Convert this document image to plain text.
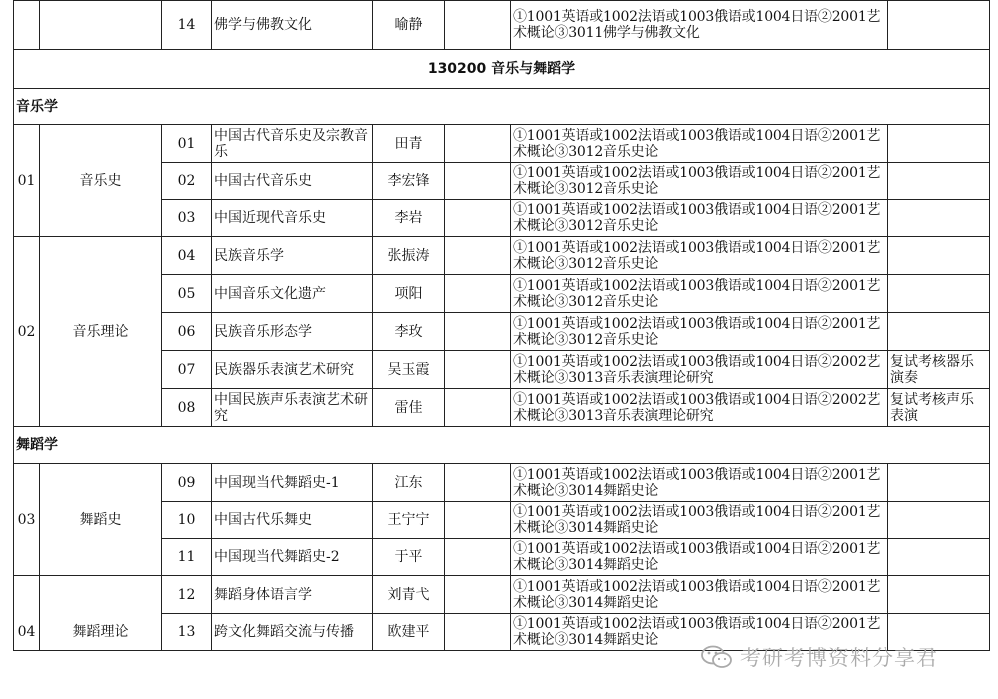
		14	佛学与佛教文化	喻静		①1001英语或1002法语或1003俄语或1004日语②2001艺术概论③3011佛学与佛教文化	
130200 音乐与舞蹈学							
音乐学							
01	音乐史	01	中国古代音乐史及宗教音乐	田青		①1001英语或1002法语或1003俄语或1004日语②2001艺术概论③3012音乐史论	
		02	中国古代音乐史	李宏锋		①1001英语或1002法语或1003俄语或1004日语②2001艺术概论③3012音乐史论	
		03	中国近现代音乐史	李岩		①1001英语或1002法语或1003俄语或1004日语②2001艺术概论③3012音乐史论	
02	音乐理论	04	民族音乐学	张振涛		①1001英语或1002法语或1003俄语或1004日语②2001艺术概论③3012音乐史论	
		05	中国音乐文化遗产	项阳		①1001英语或1002法语或1003俄语或1004日语②2001艺术概论③3012音乐史论	
		06	民族音乐形态学	李玫		①1001英语或1002法语或1003俄语或1004日语②2001艺术概论③3012音乐史论	
		07	民族器乐表演艺术研究	吴玉霞		①1001英语或1002法语或1003俄语或1004日语②2002艺术概论③3013音乐表演理论研究	复试考核器乐演奏
		08	中国民族声乐表演艺术研究	雷佳		①1001英语或1002法语或1003俄语或1004日语②2002艺术概论③3013音乐表演理论研究	复试考核声乐表演
舞蹈学							
03	舞蹈史	09	中国现当代舞蹈史-1	江东		①1001英语或1002法语或1003俄语或1004日语②2001艺术概论③3014舞蹈史论	
		10	中国古代乐舞史	王宁宁		①1001英语或1002法语或1003俄语或1004日语②2001艺术概论③3014舞蹈史论	
		11	中国现当代舞蹈史-2	于平		①1001英语或1002法语或1003俄语或1004日语②2001艺术概论③3014舞蹈史论	
04	舞蹈理论	12	舞蹈身体语言学	刘青弋		①1001英语或1002法语或1003俄语或1004日语②2001艺术概论③3014舞蹈史论	
		13	跨文化舞蹈交流与传播	欧建平		①1001英语或1002法语或1003俄语或1004日语②2001艺术概论③3014舞蹈史论	
考研考博资料分享君
